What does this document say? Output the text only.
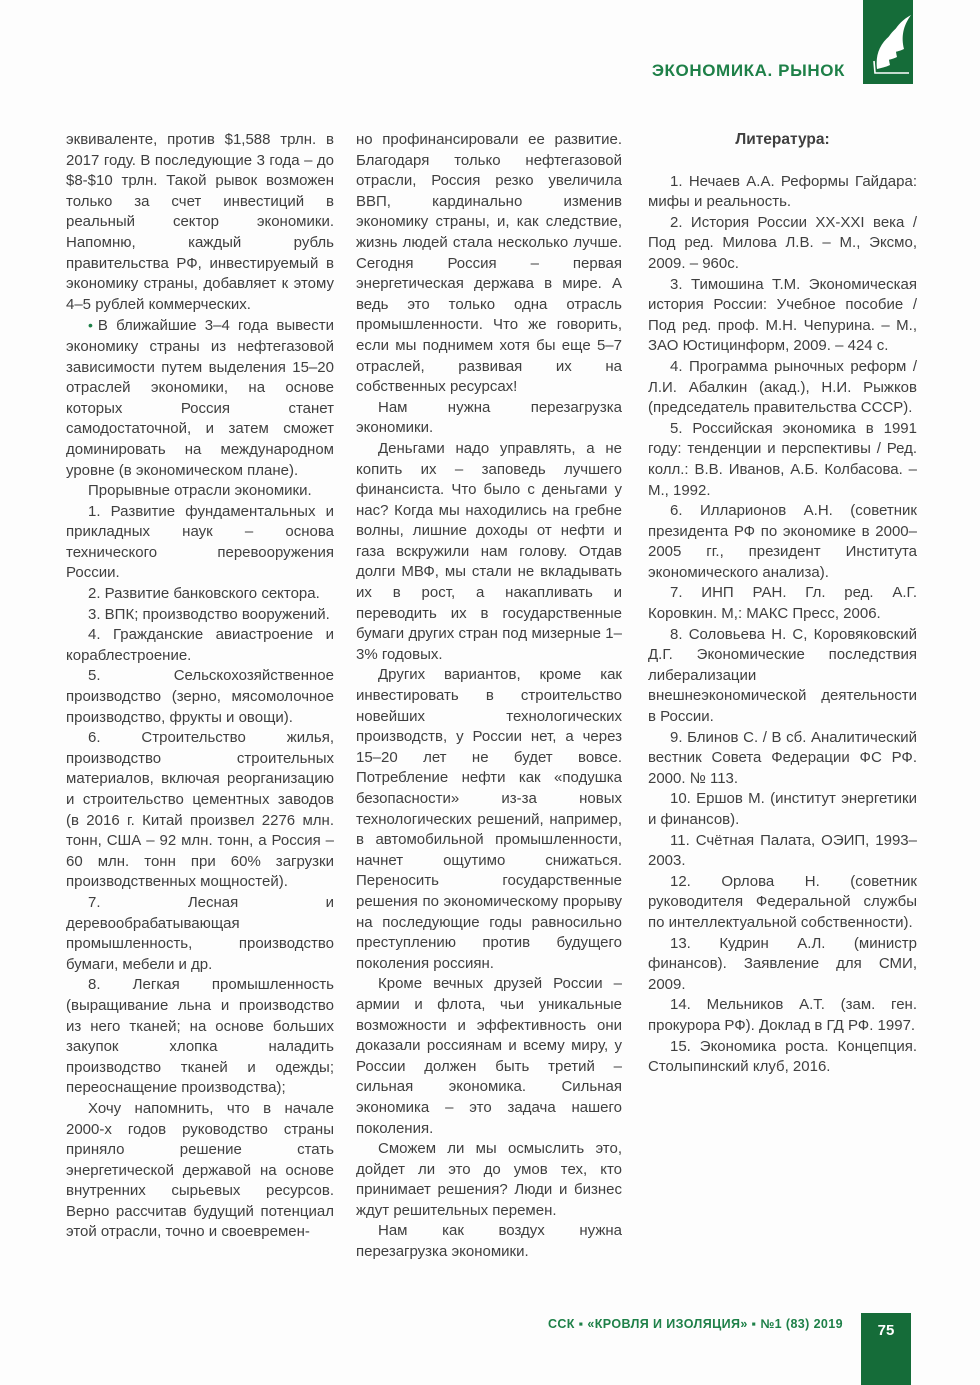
ЭКОНОМИКА. РЫНОК

эквиваленте, против $1,588 трлн. в 2017 году. В последующие 3 года – до $8-$10 трлн. Такой рывок возможен только за счет инвестиций в реальный сектор экономики. Напомню, каждый рубль правительства РФ, инвестируемый в экономику страны, добавляет к этому 4–5 рублей коммерческих.

• В ближайшие 3–4 года вывести экономику страны из нефтегазовой зависимости путем выделения 15–20 отраслей экономики, на основе которых Россия станет самодостаточной, и затем сможет доминировать на международном уровне (в экономическом плане).

Прорывные отрасли экономики.

1. Развитие фундаментальных и прикладных наук – основа технического перевооружения России.

2. Развитие банковского сектора.

3. ВПК; производство вооружений.

4. Гражданские авиастроение и кораблестроение.

5. Сельскохозяйственное производство (зерно, мясомолочное производство, фрукты и овощи).

6. Строительство жилья, производство строительных материалов, включая реорганизацию и строительство цементных заводов (в 2016 г. Китай произвел 2276 млн. тонн, США – 92 млн. тонн, а Россия – 60 млн. тонн при 60% загрузки производственных мощностей).

7. Лесная и деревообрабатывающая промышленность, производство бумаги, мебели и др.

8. Легкая промышленность (выращивание льна и производство из него тканей; на основе больших закупок хлопка наладить производство тканей и одежды; переоснащение производства);

Хочу напомнить, что в начале 2000-х годов руководство страны приняло решение стать энергетической державой на основе внутренних сырьевых ресурсов. Верно рассчитав будущий потенциал этой отрасли, точно и своевремен-

но профинансировали ее развитие. Благодаря только нефтегазовой отрасли, Россия резко увеличила ВВП, кардинально изменив экономику страны, и, как следствие, жизнь людей стала несколько лучше. Сегодня Россия – первая энергетическая держава в мире. А ведь это только одна отрасль промышленности. Что же говорить, если мы поднимем хотя бы еще 5–7 отраслей, развивая их на собственных ресурсах!

Нам нужна перезагрузка экономики.

Деньгами надо управлять, а не копить их – заповедь лучшего финансиста. Что было с деньгами у нас? Когда мы находились на гребне волны, лишние доходы от нефти и газа вскружили нам голову. Отдав долги МВФ, мы стали не вкладывать их в рост, а накапливать и переводить их в государственные бумаги других стран под мизерные 1–3% годовых.

Других вариантов, кроме как инвестировать в строительство новейших технологических производств, у России нет, а через 15–20 лет не будет вовсе. Потребление нефти как «подушка безопасности» из-за новых технологических решений, например, в автомобильной промышленности, начнет ощутимо снижаться. Переносить государственные решения по экономическому прорыву на последующие годы равносильно преступлению против будущего поколения россиян.

Кроме вечных друзей России – армии и флота, чьи уникальные возможности и эффективность они доказали россиянам и всему миру, у России должен быть третий – сильная экономика. Сильная экономика – это задача нашего поколения.

Сможем ли мы осмыслить это, дойдет ли это до умов тех, кто принимает решения? Люди и бизнес ждут решительных перемен.

Нам как воздух нужна перезагрузка экономики.

Литература:

1. Нечаев А.А. Реформы Гайдара: мифы и реальность.

2. История России XX-XXI века / Под ред. Милова Л.В. – М., Эксмо, 2009. – 960с.

3. Тимошина Т.М. Экономическая история России: Учебное пособие / Под ред. проф. М.Н. Чепурина. – М., ЗАО Юстицинформ, 2009. – 424 с.

4. Программа рыночных реформ / Л.И. Абалкин (акад.), Н.И. Рыжков (председатель правительства СССР).

5. Российская экономика в 1991 году: тенденции и перспективы / Ред. колл.: В.В. Иванов, А.Б. Колбасова. – М., 1992.

6. Илларионов А.Н. (советник президента РФ по экономике в 2000–2005 гг., президент Института экономического анализа).

7. ИНП РАН. Гл. ред. А.Г. Коровкин. М,: МАКС Пресс, 2006.

8. Соловьева Н. С, Коровяковский Д.Г. Экономические последствия либерализации внешнеэкономической деятельности в России.

9. Блинов С. / В сб. Аналитический вестник Совета Федерации ФС РФ. 2000. № 113.

10. Ершов М. (институт энергетики и финансов).

11. Счётная Палата, ОЭИП, 1993–2003.

12. Орлова Н. (советник руководителя Федеральной службы по интеллектуальной собственности).

13. Кудрин А.Л. (министр финансов). Заявление для СМИ, 2009.

14. Мельников А.Т. (зам. ген. прокурора РФ). Доклад в ГД РФ. 1997.

15. Экономика роста. Концепция. Столыпинский клуб, 2016.

ССК ▪ «КРОВЛЯ И ИЗОЛЯЦИЯ» ▪ №1 (83) 2019	75
